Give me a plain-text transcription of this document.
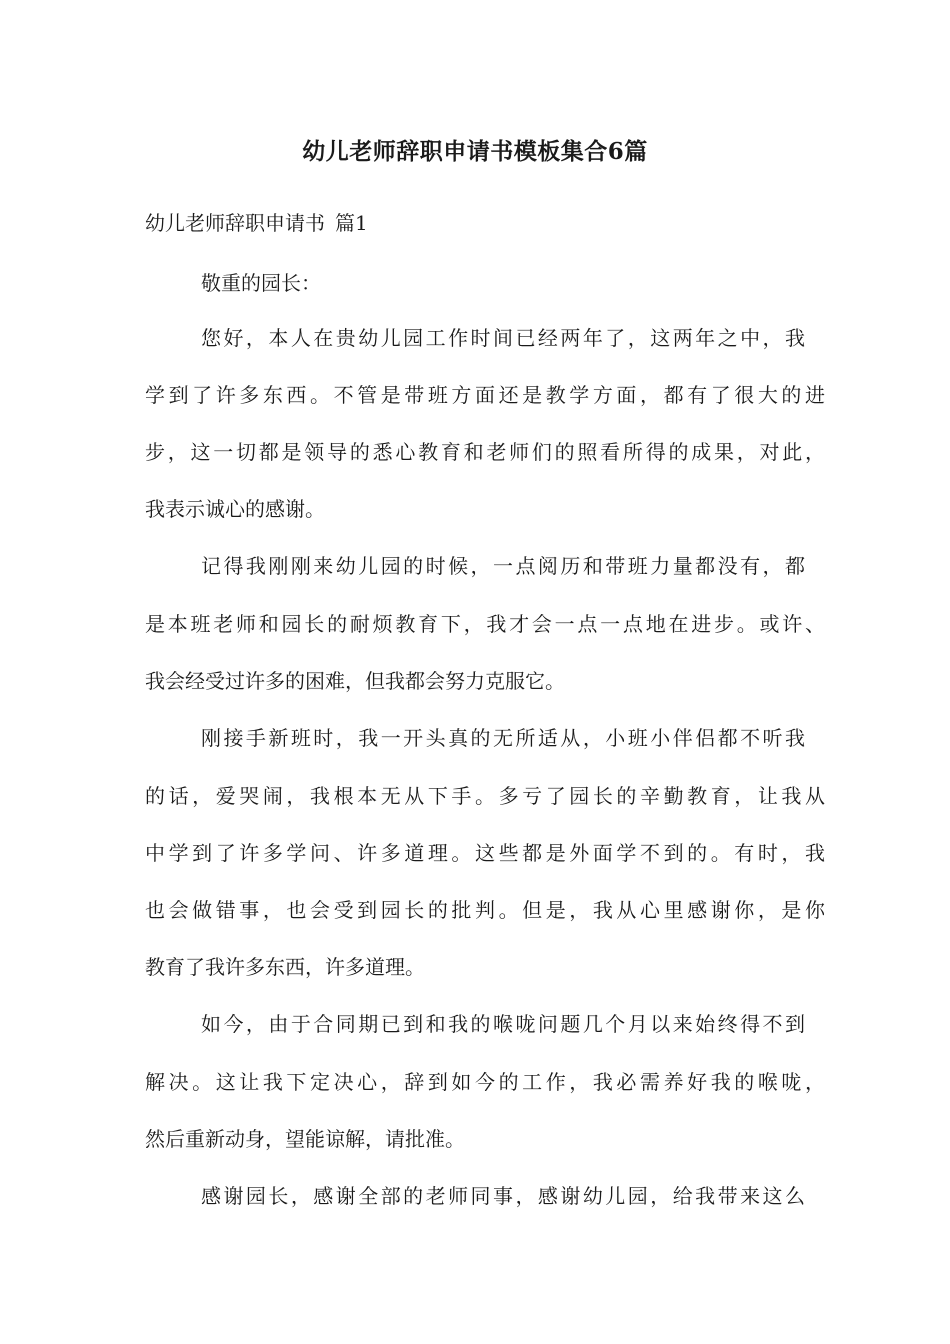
幼儿老师辞职申请书模板集合6篇
幼儿老师辞职申请书 篇1
敬重的园长：
您好，本人在贵幼儿园工作时间已经两年了，这两年之中，我
学到了许多东西。不管是带班方面还是教学方面，都有了很大的进
步，这一切都是领导的悉心教育和老师们的照看所得的成果，对此，
我表示诚心的感谢。
记得我刚刚来幼儿园的时候，一点阅历和带班力量都没有，都
是本班老师和园长的耐烦教育下，我才会一点一点地在进步。或许、
我会经受过许多的困难，但我都会努力克服它。
刚接手新班时，我一开头真的无所适从，小班小伴侣都不听我
的话，爱哭闹，我根本无从下手。多亏了园长的辛勤教育，让我从
中学到了许多学问、许多道理。这些都是外面学不到的。有时，我
也会做错事，也会受到园长的批判。但是，我从心里感谢你，是你
教育了我许多东西，许多道理。
如今，由于合同期已到和我的喉咙问题几个月以来始终得不到
解决。这让我下定决心，辞到如今的工作，我必需养好我的喉咙，
然后重新动身，望能谅解，请批准。
感谢园长，感谢全部的老师同事，感谢幼儿园，给我带来这么
